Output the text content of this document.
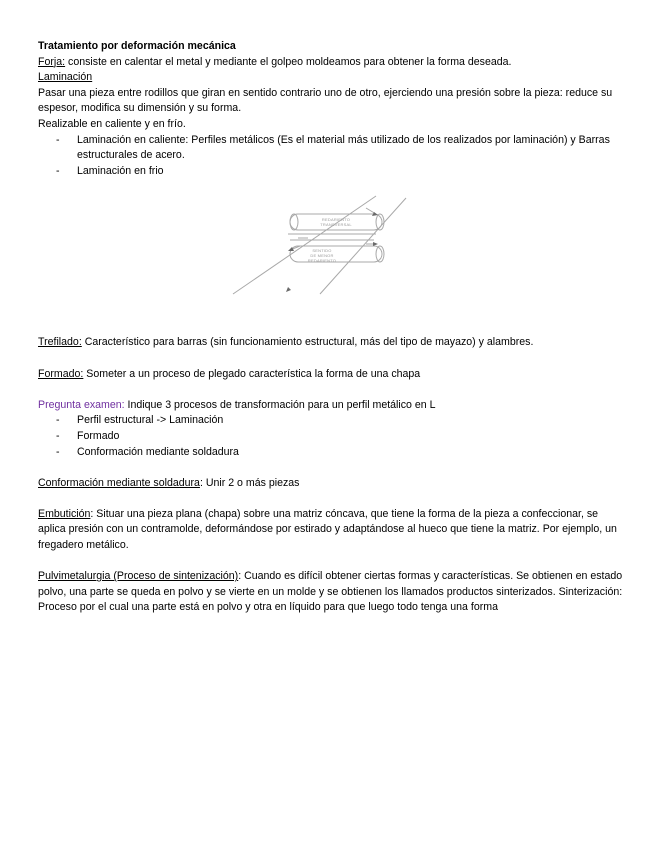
Tratamiento por deformación mecánica
Forja: consiste en calentar el metal y mediante el golpeo moldeamos para obtener la forma deseada.
Laminación
Pasar una pieza entre rodillos que giran en sentido contrario uno de otro, ejerciendo una presión sobre la pieza: reduce su espesor, modifica su dimensión y su forma.
Realizable en caliente y en frío.
- Laminación en caliente: Perfiles metálicos (Es el material más utilizado de los realizados por laminación) y Barras estructurales de acero.
- Laminación en frio
Trefilado: Característico para barras (sin funcionamiento estructural, más del tipo de mayazo) y alambres.
Formado: Someter a un proceso de plegado característica la forma de una chapa
Pregunta examen: Indique 3 procesos de transformación para un perfil metálico en L
- Perfil estructural -> Laminación
- Formado
- Conformación mediante soldadura
Conformación mediante soldadura: Unir 2 o más piezas
Embutición: Situar una pieza plana (chapa) sobre una matriz cóncava, que tiene la forma de la pieza a confeccionar, se aplica presión con un contramolde, deformándose por estirado y adaptándose al hueco que tiene la matriz. Por ejemplo, un fregadero metálico.
Pulvimetalurgia (Proceso de sintenización): Cuando es difícil obtener ciertas formas y características. Se obtienen en estado polvo, una parte se queda en polvo y se vierte en un molde y se obtienen los llamados productos sinterizados. Sinterización: Proceso por el cual una parte está en polvo y otra en líquido para que luego todo tenga una forma
REDARIENTO
TRANSVERSAL
SENTIDO
DE MENOR
REDARIENTO
